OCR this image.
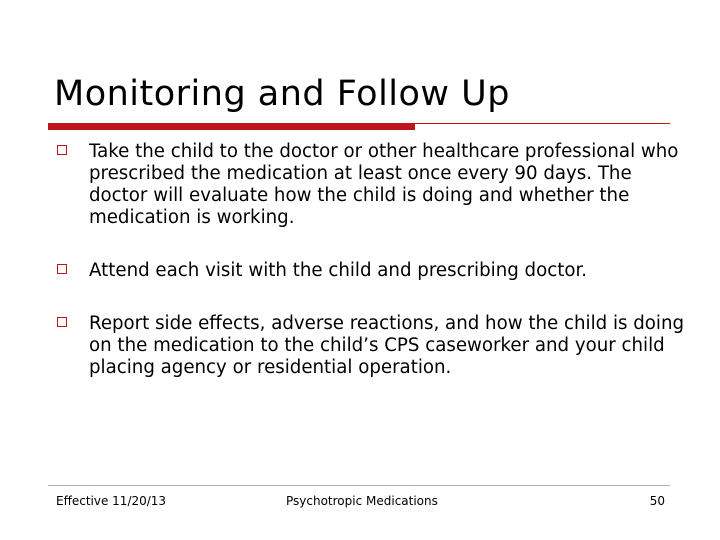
Monitoring and Follow Up
Take the child to the doctor or other healthcare professional who prescribed the medication at least once every 90 days. The doctor will evaluate how the child is doing and whether the medication is working.
Attend each visit with the child and prescribing doctor.
Report side effects, adverse reactions, and how the child is doing on the medication to the child’s CPS caseworker and your child placing agency or residential operation.
Effective 11/20/13	Psychotropic Medications	50
